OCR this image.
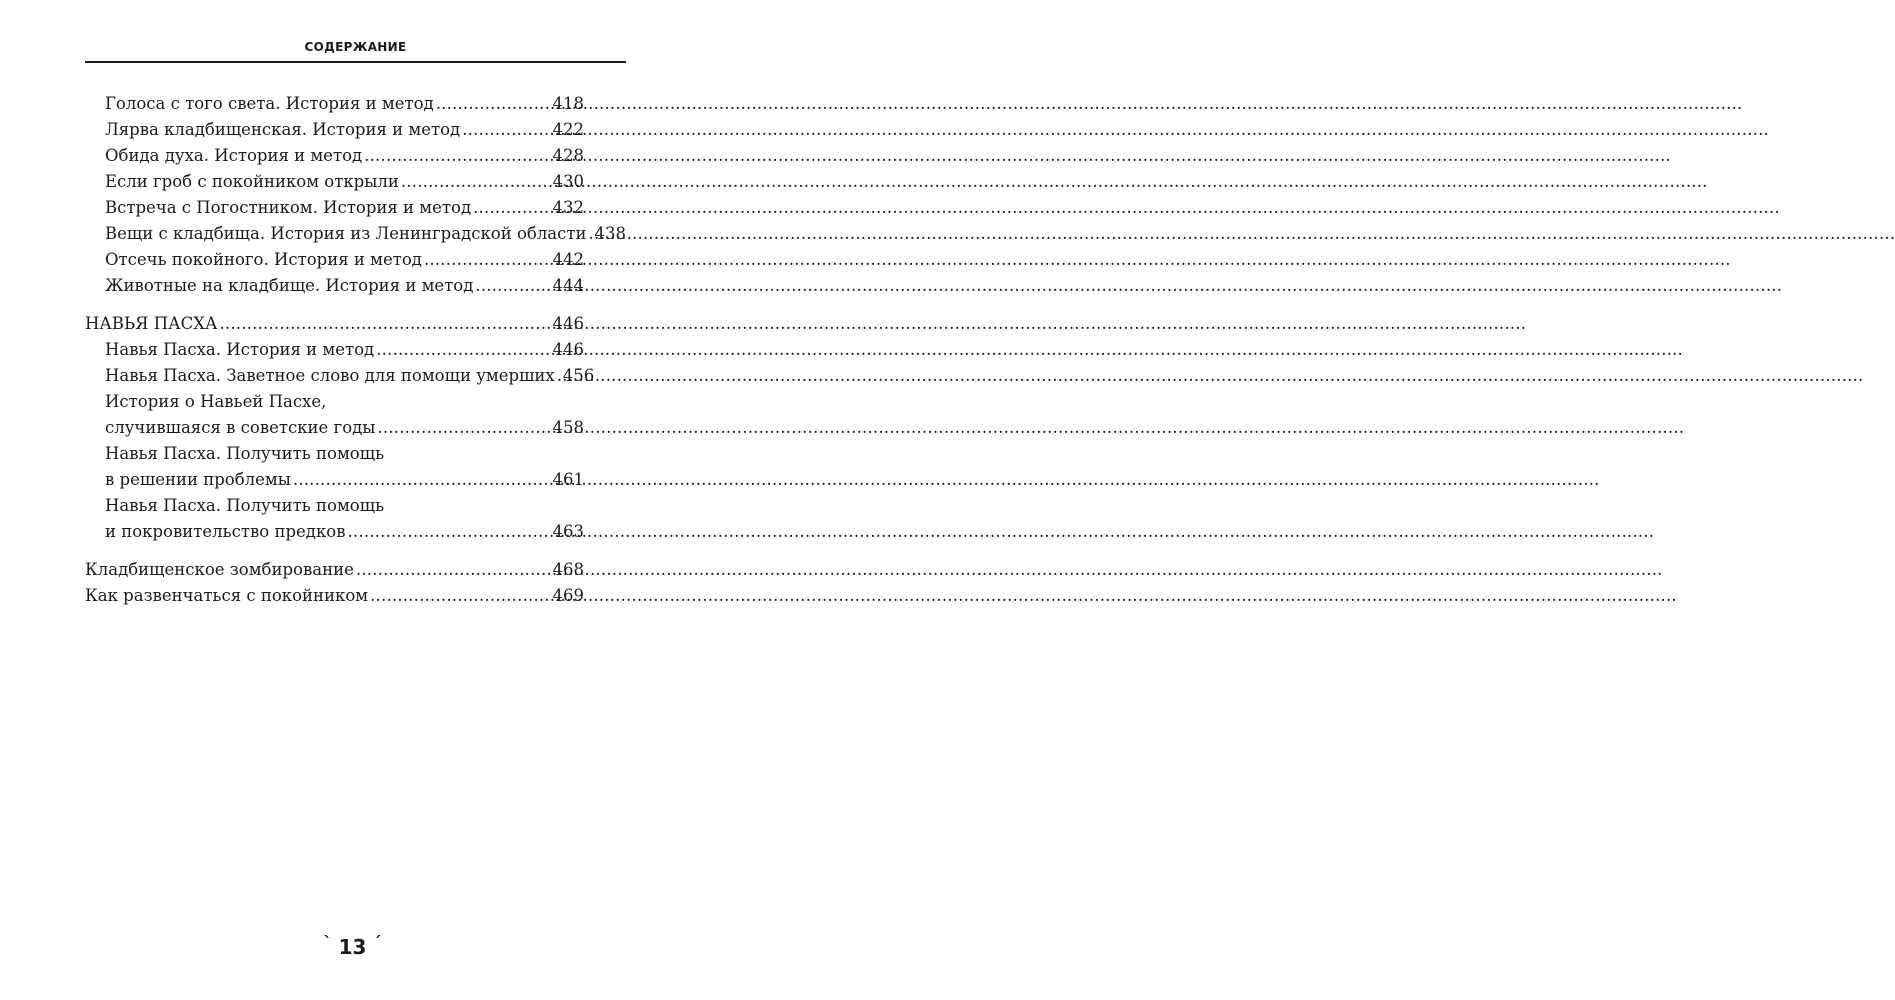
СОДЕРЖАНИЕ
Голоса с того света. История и метод .....	418
Лярва кладбищенская. История и метод .....	422
Обида духа. История и метод .....	428
Если гроб с покойником открыли .....	430
Встреча с Погостником. История и метод .....	432
Вещи с кладбища. История из Ленинградской области ..... 438
Отсечь покойного. История и метод .....	442
Животные на кладбище. История и метод .....	444
НАВЬЯ ПАСХА .....	446
Навья Пасха. История и метод .....	446
Навья Пасха. Заветное слово для помощи умерших ..... 456
История о Навьей Пасхе,
случившаяся в советские годы .....	458
Навья Пасха. Получить помощь
в решении проблемы .....	461
Навья Пасха. Получить помощь
и покровительство предков .....	463
Кладбищенское зомбирование .....	468
Как развенчаться с покойником .....	469
` 13 ´
